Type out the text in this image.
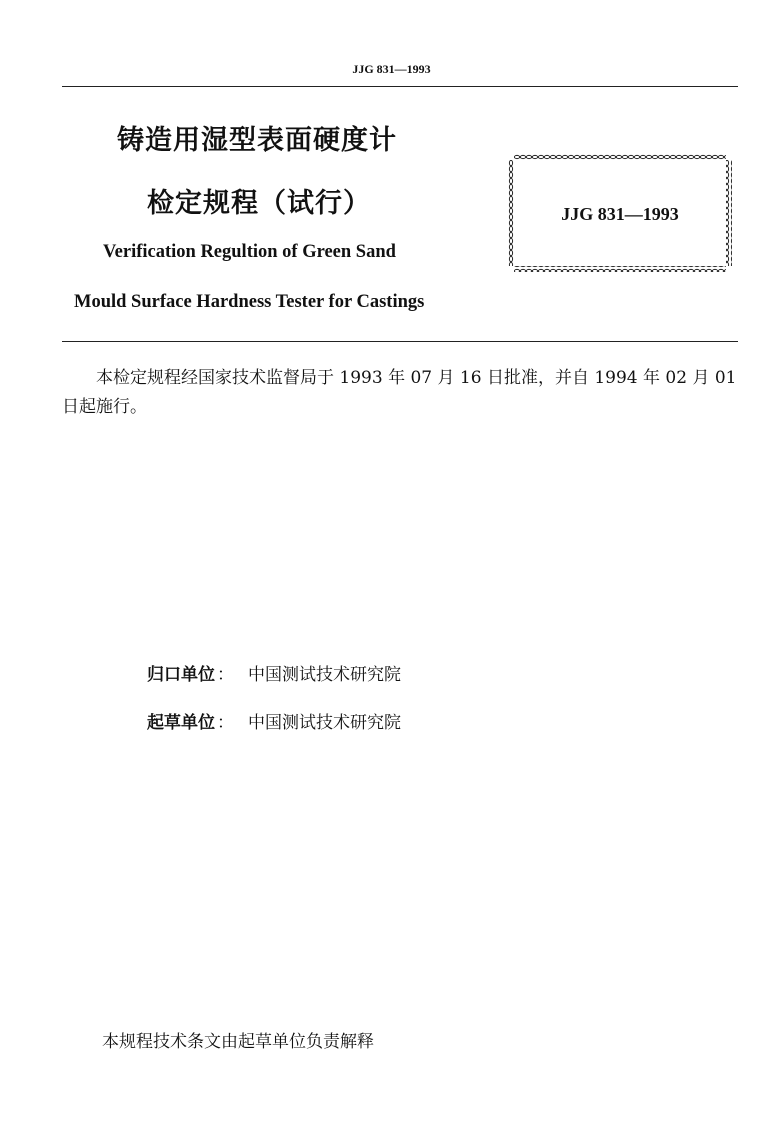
JJG 831—1993
铸造用湿型表面硬度计
检定规程（试行）
Verification Regultion of Green Sand
Mould Surface Hardness Tester for Castings
JJG 831—1993
本检定规程经国家技术监督局于 1993 年 07 月 16 日批准，并自 1994 年 02 月 01 日起施行。
归口单位 ： 中国测试技术研究院
起草单位 ： 中国测试技术研究院
本规程技术条文由起草单位负责解释
